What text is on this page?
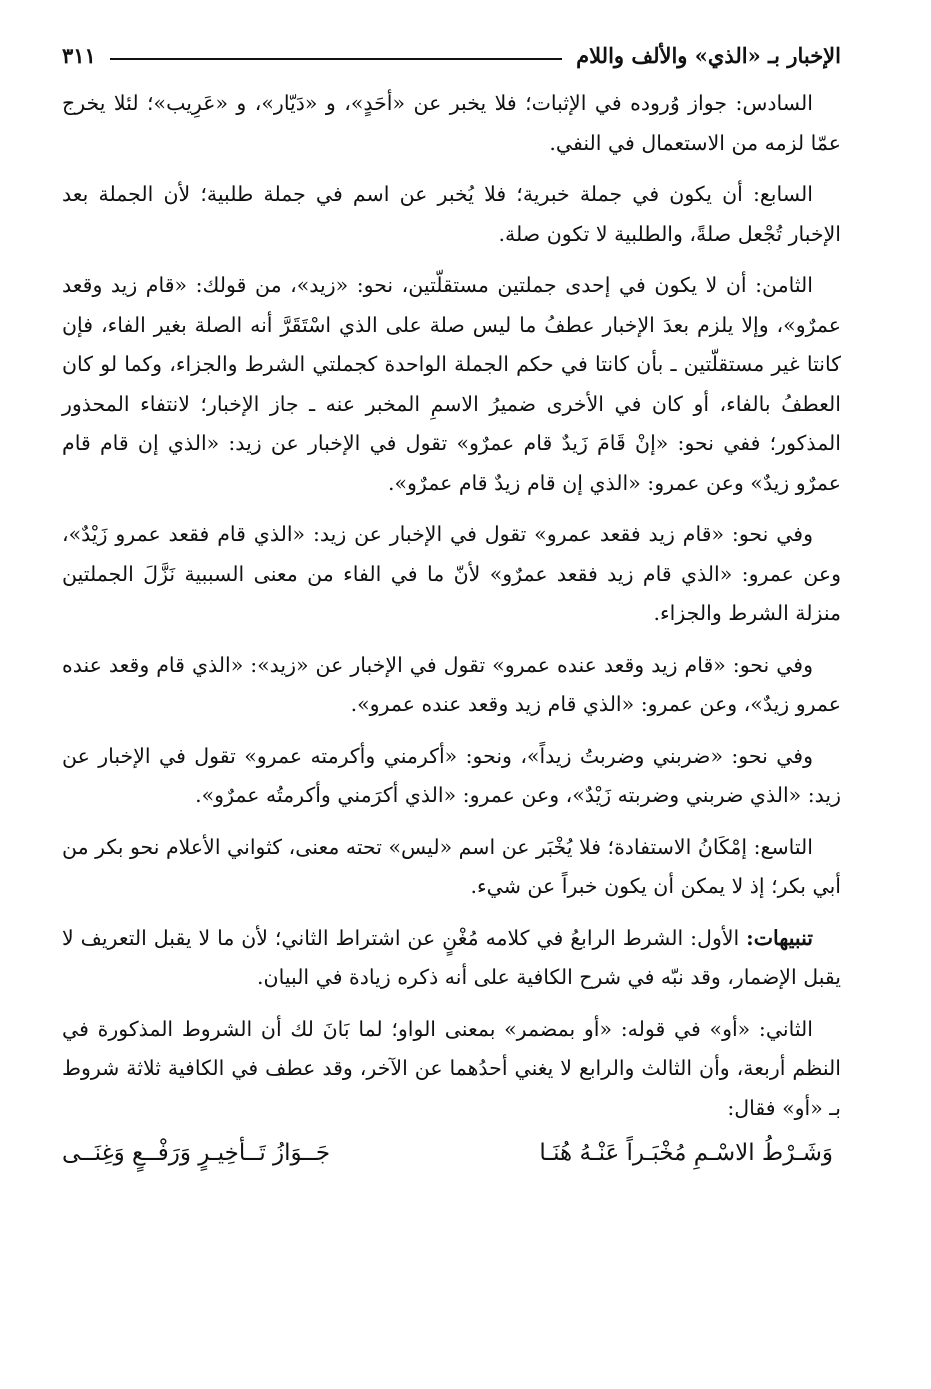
الإخبار بـ «الذي» والألف واللام
٣١١

السادس: جواز وُروده في الإثبات؛ فلا يخبر عن «أحَدٍ»، و «دَيّار»، و «عَرِيب»؛ لئلا يخرج عمّا لزمه من الاستعمال في النفي.

السابع: أن يكون في جملة خبرية؛ فلا يُخبر عن اسم في جملة طلبية؛ لأن الجملة بعد الإخبار تُجْعل صلةً، والطلبية لا تكون صلة.

الثامن: أن لا يكون في إحدى جملتين مستقلّتين، نحو: «زيد»، من قولك: «قام زيد وقعد عمرٌو»، وإلا يلزم بعدَ الإخبار عطفُ ما ليس صلة على الذي اسْتَقَرَّ أنه الصلة بغير الفاء، فإن كانتا غير مستقلّتين ـ بأن كانتا في حكم الجملة الواحدة كجملتي الشرط والجزاء، وكما لو كان العطفُ بالفاء، أو كان في الأخرى ضميرُ الاسمِ المخبر عنه ـ جاز الإخبار؛ لانتفاء المحذور المذكور؛ ففي نحو: «إنْ قَامَ زَيدٌ قام عمرٌو» تقول في الإخبار عن زيد: «الذي إن قام قام عمرٌو زيدٌ» وعن عمرو: «الذي إن قام زيدٌ قام عمرٌو».

وفي نحو: «قام زيد فقعد عمرو» تقول في الإخبار عن زيد: «الذي قام فقعد عمرو زَيْدٌ»، وعن عمرو: «الذي قام زيد فقعد عمرٌو» لأنّ ما في الفاء من معنى السببية نَزَّلَ الجملتين منزلة الشرط والجزاء.

وفي نحو: «قام زيد وقعد عنده عمرو» تقول في الإخبار عن «زيد»: «الذي قام وقعد عنده عمرو زيدٌ»، وعن عمرو: «الذي قام زيد وقعد عنده عمرو».

وفي نحو: «ضربني وضربتُ زيداً»، ونحو: «أكرمني وأكرمته عمرو» تقول في الإخبار عن زيد: «الذي ضربني وضربته زَيْدٌ»، وعن عمرو: «الذي أكرَمني وأكرمتُه عمرٌو».

التاسع: إمْكَانُ الاستفادة؛ فلا يُخْبَر عن اسم «ليس» تحته معنى، كثواني الأعلام نحو بكر من أبي بكر؛ إذ لا يمكن أن يكون خبراً عن شيء.

تنبيهات: الأول: الشرط الرابعُ في كلامه مُغْنٍ عن اشتراط الثاني؛ لأن ما لا يقبل التعريف لا يقبل الإضمار، وقد نبّه في شرح الكافية على أنه ذكره زيادة في البيان.

الثاني: «أو» في قوله: «أو بمضمر» بمعنى الواو؛ لما بَانَ لك أن الشروط المذكورة في النظم أربعة، وأن الثالث والرابع لا يغني أحدُهما عن الآخر، وقد عطف في الكافية ثلاثة شروط بـ «أو» فقال:

وَشَـرْطُ الاسْـمِ مُخْبَـراً عَنْـهُ هُنَـا
جَــوَازُ تَــأخِيـرٍ وَرَفْــعٍ وَغِنَــى
